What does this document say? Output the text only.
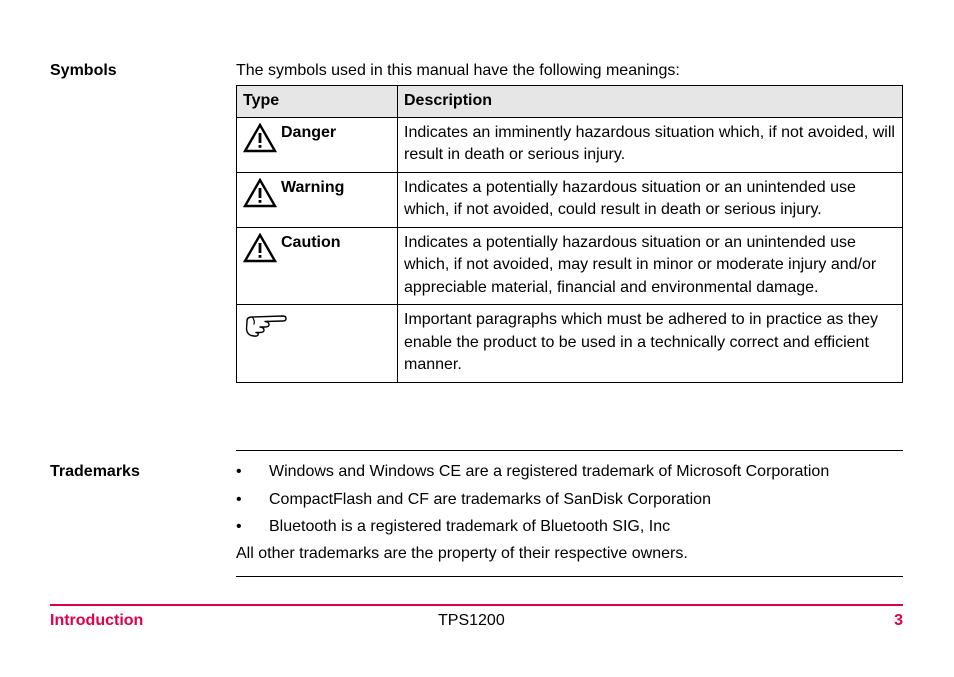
Symbols	The symbols used in this manual have the following meanings:
Type	Description

Danger	Indicates an imminently hazardous situation which, if not avoided, will result in death or serious injury.

Warning	Indicates a potentially hazardous situation or an unintended use which, if not avoided, could result in death or serious injury.

Caution	Indicates a potentially hazardous situation or an unintended use which, if not avoided, may result in minor or moderate injury and/or appreciable material, financial and environmental damage.
	Important paragraphs which must be adhered to in practice as they enable the product to be used in a technically correct and efficient manner.
Trademarks	• Windows and Windows CE are a registered trademark of Microsoft Corporation
• CompactFlash and CF are trademarks of SanDisk Corporation
• Bluetooth is a registered trademark of Bluetooth SIG, Inc
All other trademarks are the property of their respective owners.
Introduction	TPS1200	3
